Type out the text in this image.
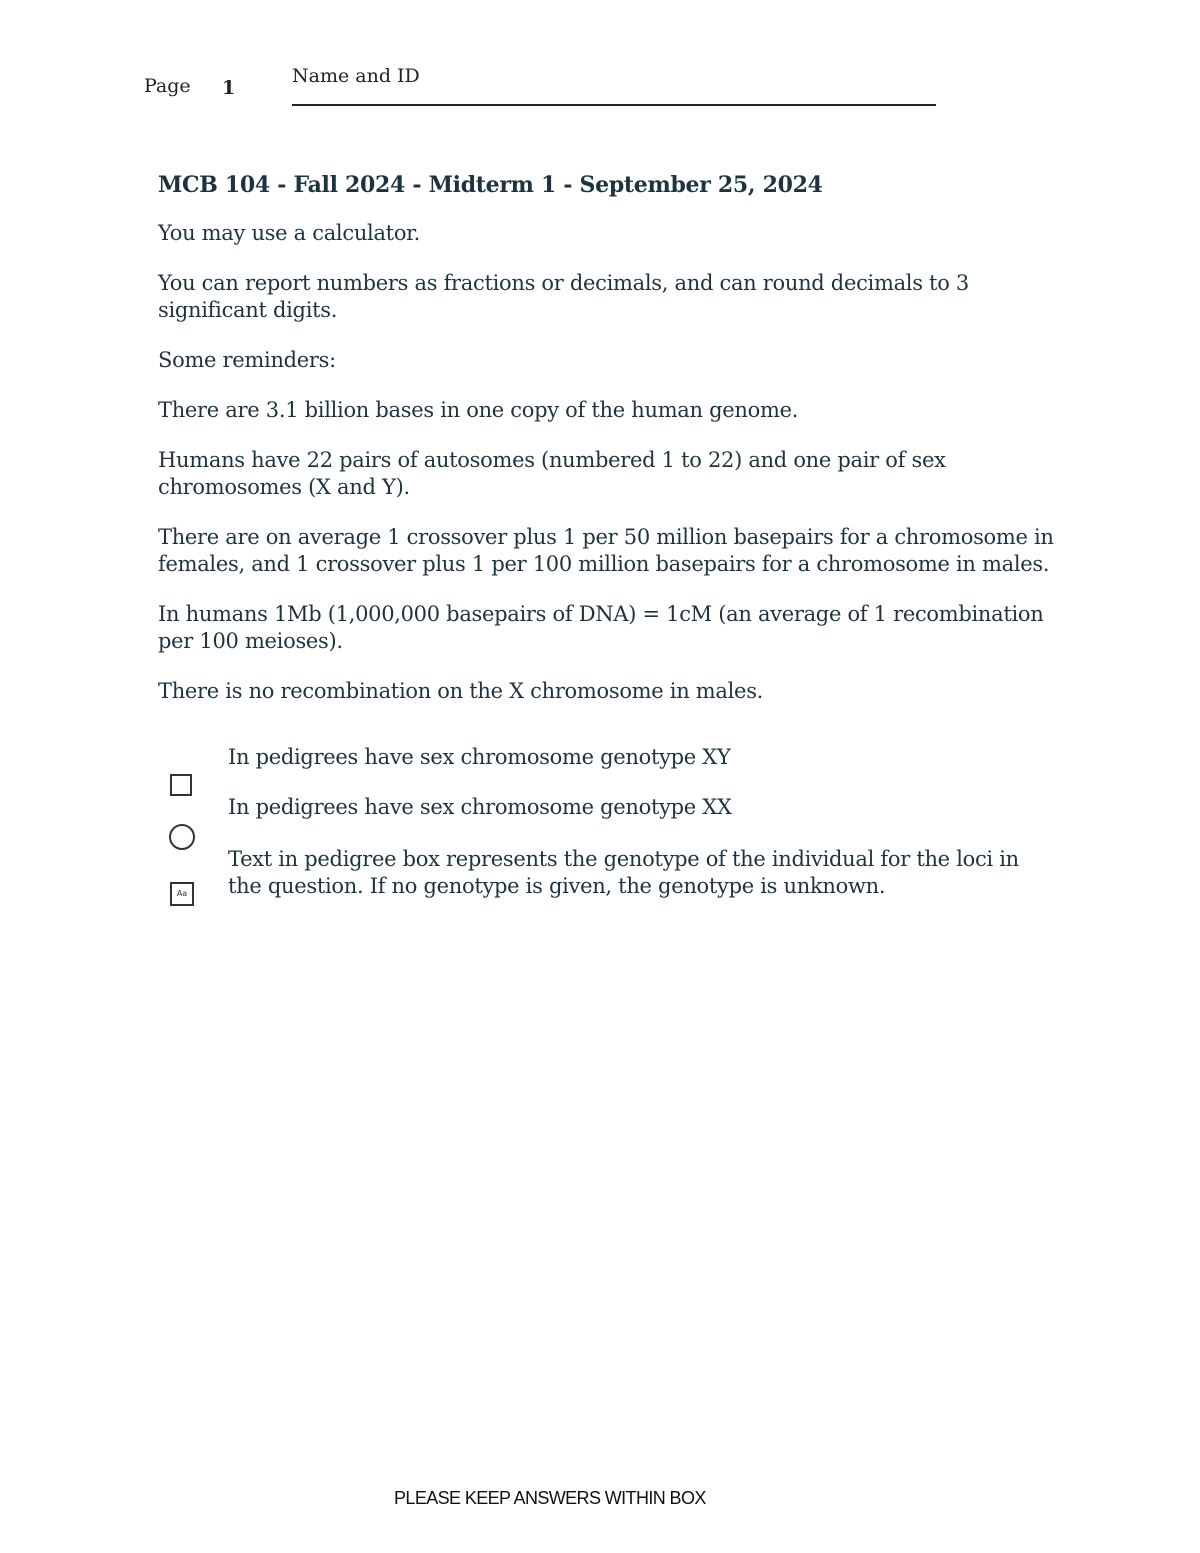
Page 1
Name and ID
MCB 104 - Fall 2024 - Midterm 1 - September 25, 2024
You may use a calculator.
You can report numbers as fractions or decimals, and can round decimals to 3 significant digits.
Some reminders:
There are 3.1 billion bases in one copy of the human genome.
Humans have 22 pairs of autosomes (numbered 1 to 22) and one pair of sex chromosomes (X and Y).
There are on average 1 crossover plus 1 per 50 million basepairs for a chromosome in females, and 1 crossover plus 1 per 100 million basepairs for a chromosome in males.
In humans 1Mb (1,000,000 basepairs of DNA) = 1cM (an average of 1 recombination per 100 meioses).
There is no recombination on the X chromosome in males.
In pedigrees have sex chromosome genotype XY
In pedigrees have sex chromosome genotype XX
Text in pedigree box represents the genotype of the individual for the loci in the question. If no genotype is given, the genotype is unknown.
Aa
PLEASE KEEP ANSWERS WITHIN BOX
